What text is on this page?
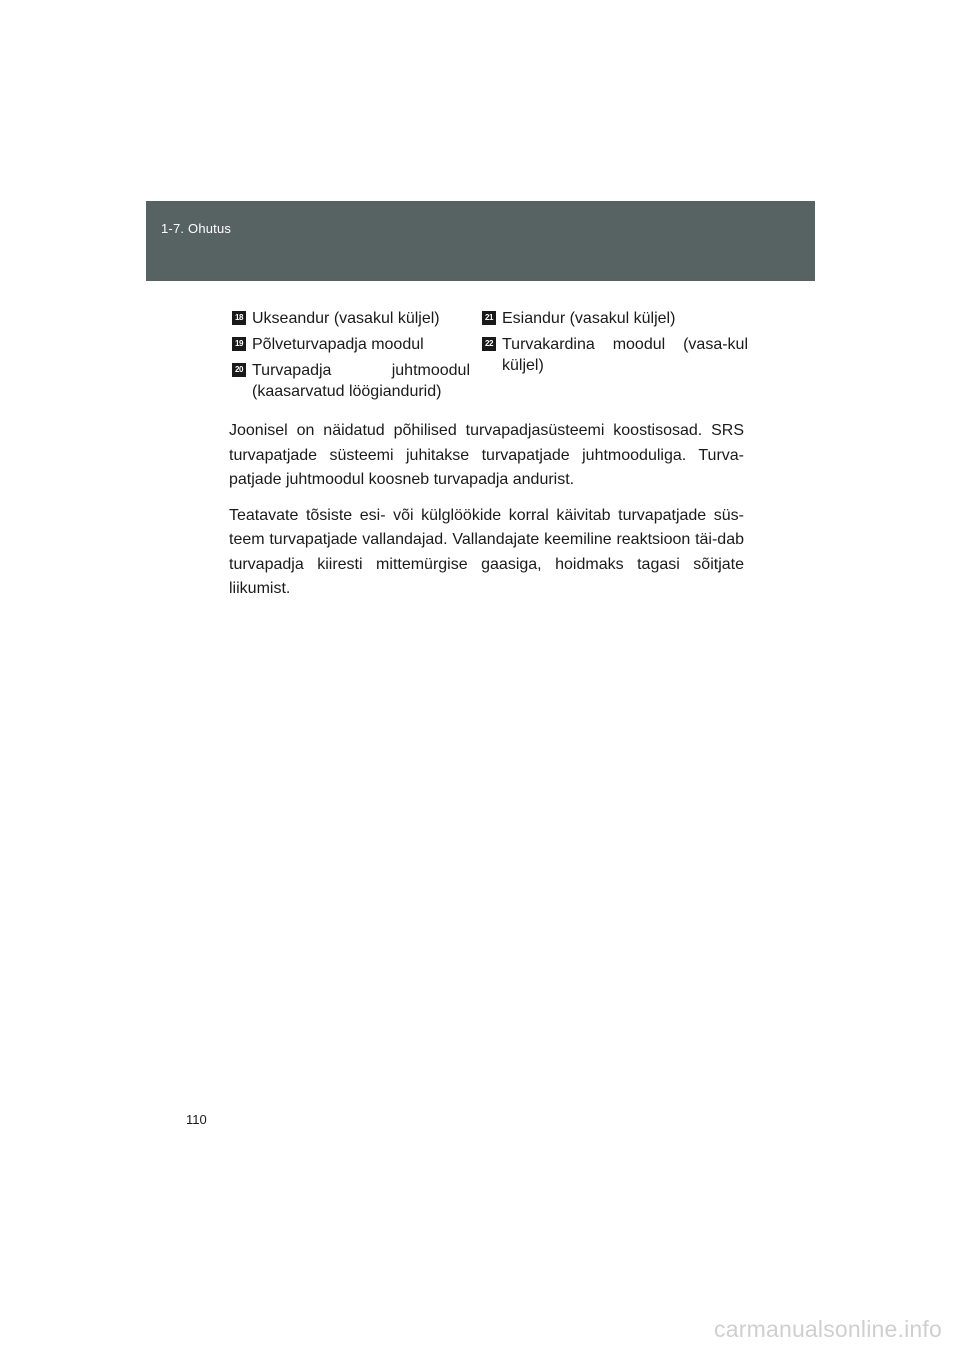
1-7. Ohutus
18 Ukseandur (vasakul küljel)
19 Põlveturvapadja moodul
20 Turvapadja juhtmoodul (kaasarvatud löögiandurid)
21 Esiandur (vasakul küljel)
22 Turvakardina moodul (vasa-kul küljel)

Joonisel on näidatud põhilised turvapadjasüsteemi koostisosad. SRS turvapatjade süsteemi juhitakse turvapatjade juhtmooduliga. Turva-patjade juhtmoodul koosneb turvapadja andurist.

Teatavate tõsiste esi- või külglöökide korral käivitab turvapatjade süs-teem turvapatjade vallandajad. Vallandajate keemiline reaktsioon täi-dab turvapadja kiiresti mittemürgise gaasiga, hoidmaks tagasi sõitjate liikumist.

110
carmanualsonline.info
